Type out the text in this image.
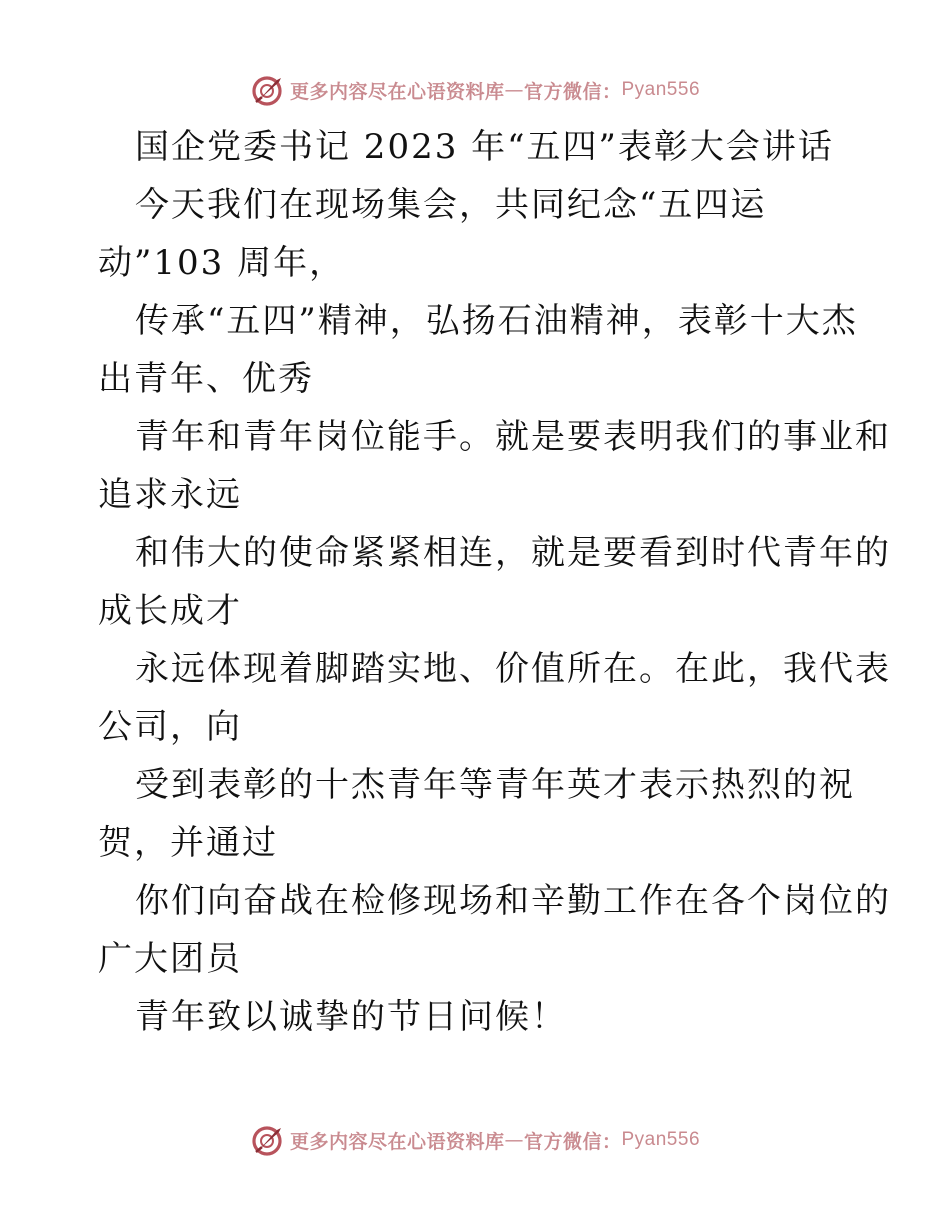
更多内容尽在心语资料库 — 官方微信： Pyan556
国企党委书记 2023 年“五四”表彰大会讲话
今天我们在现场集会，共同纪念“五四运
动”103 周年，
传承“五四”精神，弘扬石油精神，表彰十大杰
出青年、优秀
青年和青年岗位能手。就是要表明我们的事业和
追求永远
和伟大的使命紧紧相连，就是要看到时代青年的
成长成才
永远体现着脚踏实地、价值所在。在此，我代表
公司，向
受到表彰的十杰青年等青年英才表示热烈的祝
贺，并通过
你们向奋战在检修现场和辛勤工作在各个岗位的
广大团员
青年致以诚挚的节日问候！
更多内容尽在心语资料库 — 官方微信： Pyan556
